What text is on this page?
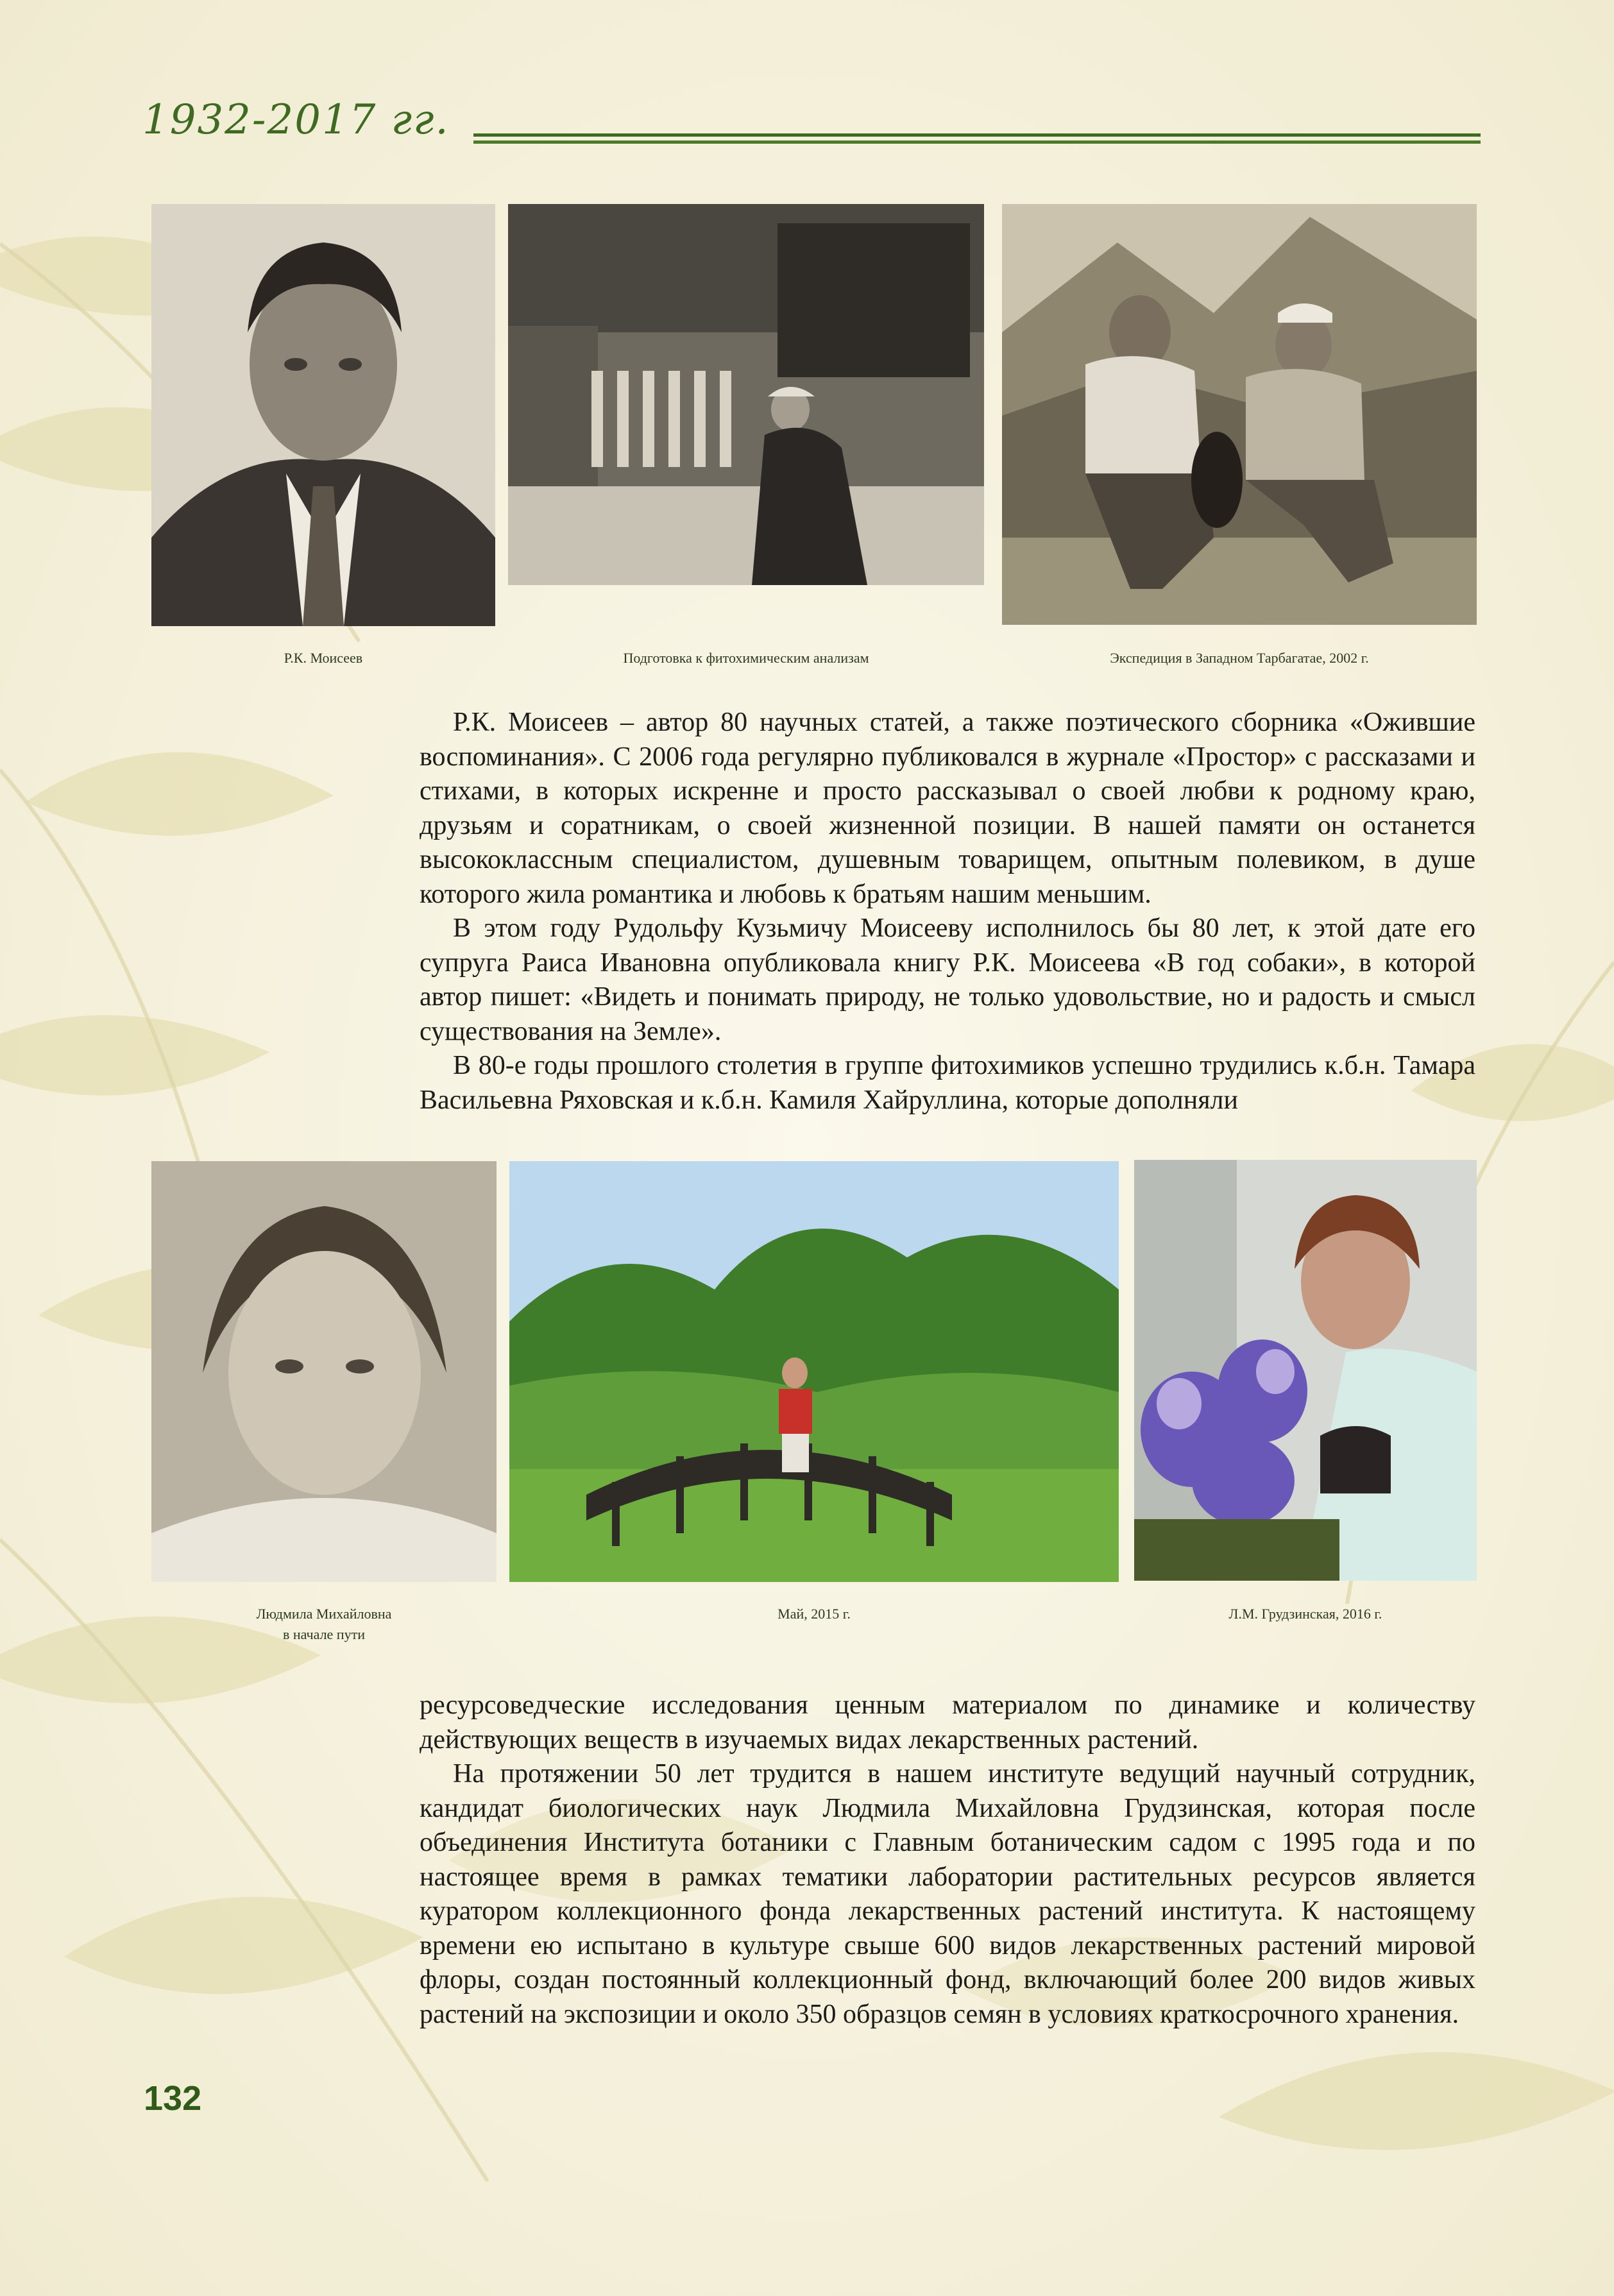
1932-2017 гг.
Р.К. Моисеев	Подготовка к фитохимическим анализам	Экспедиция в Западном Тарбагатае, 2002 г.

Р.К. Моисеев – автор 80 научных статей, а также поэтического сборника «Ожившие воспоминания». С 2006 года регулярно публиковался в журнале «Простор» с рассказами и стихами, в которых искренне и просто рассказывал о своей любви к родному краю, друзьям и соратникам, о своей жизненной позиции. В нашей памяти он останется высококлассным специалистом, душевным товарищем, опытным полевиком, в душе которого жила романтика и любовь к братьям нашим меньшим.

В этом году Рудольфу Кузьмичу Моисееву исполнилось бы 80 лет, к этой дате его супруга Раиса Ивановна опубликовала книгу Р.К. Моисеева «В год собаки», в которой автор пишет: «Видеть и понимать природу, не только удовольствие, но и радость и смысл существования на Земле».

В 80-е годы прошлого столетия в группе фитохимиков успешно трудились к.б.н. Тамара Васильевна Ряховская и к.б.н. Камиля Хайруллина, которые дополняли

Людмила Михайловна
в начале пути
Май, 2015 г.	Л.М. Грудзинская, 2016 г.

ресурсоведческие исследования ценным материалом по динамике и количеству действующих веществ в изучаемых видах лекарственных растений.

На протяжении 50 лет трудится в нашем институте ведущий научный сотрудник, кандидат биологических наук Людмила Михайловна Грудзинская, которая после объединения Института ботаники с Главным ботаническим садом с 1995 года и по настоящее время в рамках тематики лаборатории растительных ресурсов является куратором коллекционного фонда лекарственных растений института. К настоящему времени ею испытано в культуре свыше 600 видов лекарственных растений мировой флоры, создан постоянный коллекционный фонд, включающий более 200 видов живых растений на экспозиции и около 350 образцов семян в условиях краткосрочного хранения.

132
